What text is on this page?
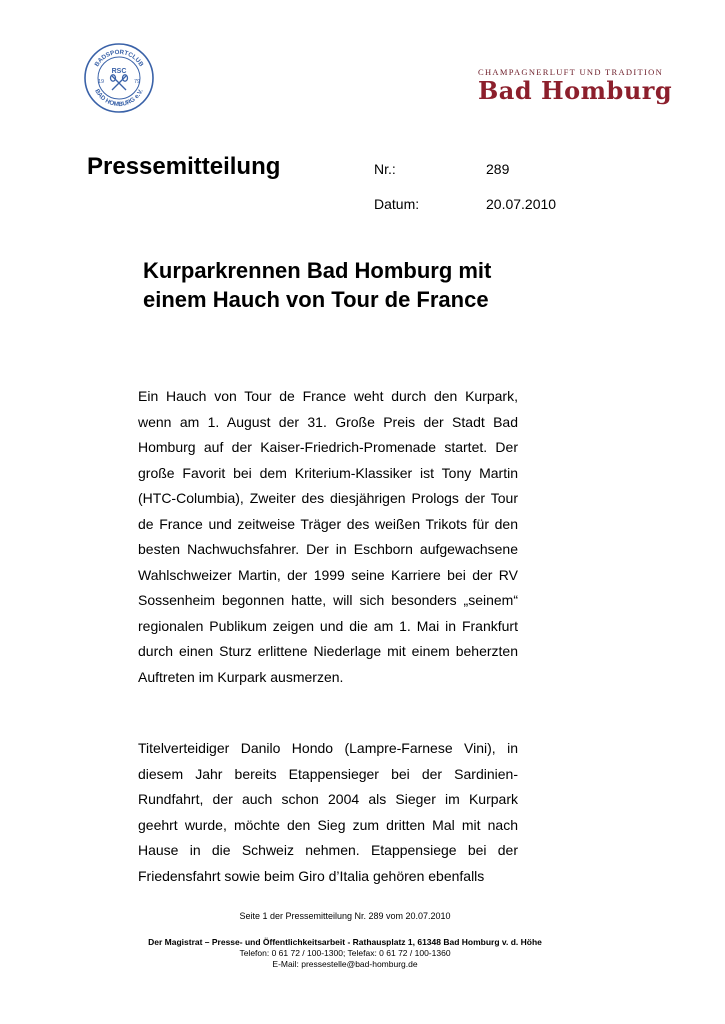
BADSPORTCLUB
BAD HOMBURG e.V.
RSC
19	79
CHAMPAGNERLUFT UND TRADITION
Bad Homburg
Pressemitteilung	Nr.:	289
Datum:	20.07.2010
Kurparkrennen Bad Homburg mit einem Hauch von Tour de France

Ein Hauch von Tour de France weht durch den Kurpark, wenn am 1. August der 31. Große Preis der Stadt Bad Homburg auf der Kaiser-Friedrich-Promenade startet. Der große Favorit bei dem Kriterium-Klassiker ist Tony Martin (HTC-Columbia), Zweiter des diesjährigen Prologs der Tour de France und zeitweise Träger des weißen Trikots für den besten Nachwuchsfahrer. Der in Eschborn aufgewachsene Wahlschweizer Martin, der 1999 seine Karriere bei der RV Sossenheim begonnen hatte, will sich besonders „seinem“ regionalen Publikum zeigen und die am 1. Mai in Frankfurt durch einen Sturz erlittene Niederlage mit einem beherzten Auftreten im Kurpark ausmerzen.

Titelverteidiger Danilo Hondo (Lampre-Farnese Vini), in diesem Jahr bereits Etappensieger bei der Sardinien-Rundfahrt, der auch schon 2004 als Sieger im Kurpark geehrt wurde, möchte den Sieg zum dritten Mal mit nach Hause in die Schweiz nehmen. Etappensiege bei der Friedensfahrt sowie beim Giro d’Italia gehören ebenfalls

Seite 1 der Pressemitteilung Nr. 289 vom 20.07.2010
Der Magistrat – Presse- und Öffentlichkeitsarbeit - Rathausplatz 1, 61348 Bad Homburg v. d. Höhe
Telefon: 0 61 72 / 100-1300; Telefax: 0 61 72 / 100-1360
E-Mail: pressestelle@bad-homburg.de
